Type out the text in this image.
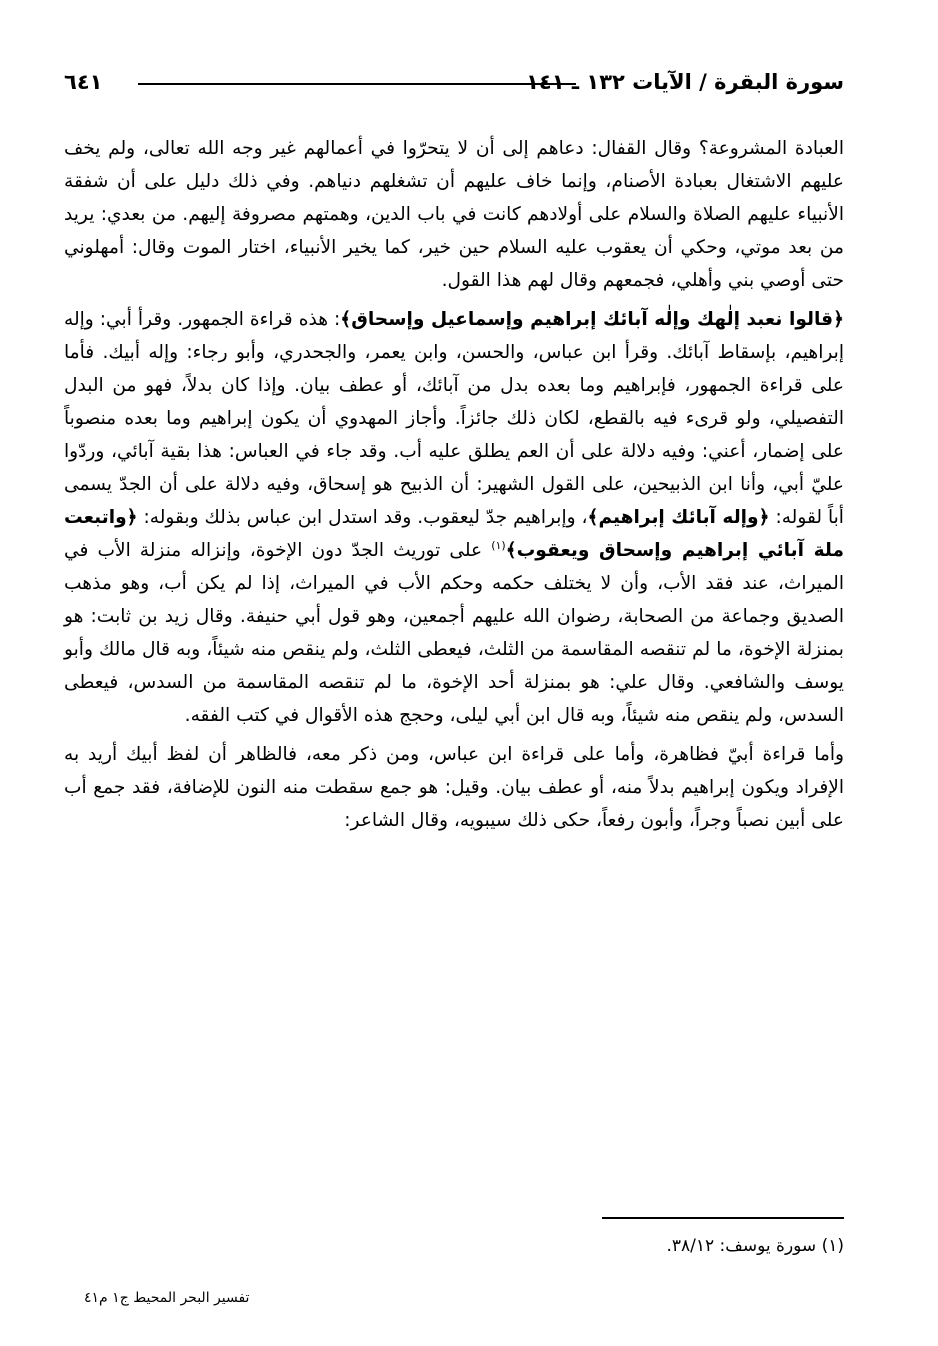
سورة البقرة / الآيات ١٣٢ ـ ١٤١
٦٤١

العبادة المشروعة؟ وقال القفال: دعاهم إلى أن لا يتحرّوا في أعمالهم غير وجه الله تعالى، ولم يخف عليهم الاشتغال بعبادة الأصنام، وإنما خاف عليهم أن تشغلهم دنياهم. وفي ذلك دليل على أن شفقة الأنبياء عليهم الصلاة والسلام على أولادهم كانت في باب الدين، وهمتهم مصروفة إليهم. من بعدي: يريد من بعد موتي، وحكي أن يعقوب عليه السلام حين خير، كما يخير الأنبياء، اختار الموت وقال: أمهلوني حتى أوصي بني وأهلي، فجمعهم وقال لهم هذا القول.

﴿قالوا نعبد إلٰهك وإلٰه آبائك إبراهيم وإسماعيل وإسحاق﴾: هذه قراءة الجمهور. وقرأ أبي: وإله إبراهيم، بإسقاط آبائك. وقرأ ابن عباس، والحسن، وابن يعمر، والجحدري، وأبو رجاء: وإله أبيك. فأما على قراءة الجمهور، فإبراهيم وما بعده بدل من آبائك، أو عطف بيان. وإذا كان بدلاً، فهو من البدل التفصيلي، ولو قرىء فيه بالقطع، لكان ذلك جائزاً. وأجاز المهدوي أن يكون إبراهيم وما بعده منصوباً على إضمار، أعني: وفيه دلالة على أن العم يطلق عليه أب. وقد جاء في العباس: هذا بقية آبائي، وردّوا عليّ أبي، وأنا ابن الذبيحين، على القول الشهير: أن الذبيح هو إسحاق، وفيه دلالة على أن الجدّ يسمى أباً لقوله: ﴿وإله آبائك إبراهيم﴾، وإبراهيم جدّ ليعقوب. وقد استدل ابن عباس بذلك وبقوله: ﴿واتبعت ملة آبائي إبراهيم وإسحاق ويعقوب﴾$^{(١)}$ على توريث الجدّ دون الإخوة، وإنزاله منزلة الأب في الميراث، عند فقد الأب، وأن لا يختلف حكمه وحكم الأب في الميراث، إذا لم يكن أب، وهو مذهب الصديق وجماعة من الصحابة، رضوان الله عليهم أجمعين، وهو قول أبي حنيفة. وقال زيد بن ثابت: هو بمنزلة الإخوة، ما لم تنقصه المقاسمة من الثلث، فيعطى الثلث، ولم ينقص منه شيئاً، وبه قال مالك وأبو يوسف والشافعي. وقال علي: هو بمنزلة أحد الإخوة، ما لم تنقصه المقاسمة من السدس، فيعطى السدس، ولم ينقص منه شيئاً، وبه قال ابن أبي ليلى، وحجج هذه الأقوال في كتب الفقه.

وأما قراءة أبيّ فظاهرة، وأما على قراءة ابن عباس، ومن ذكر معه، فالظاهر أن لفظ أبيك أريد به الإفراد ويكون إبراهيم بدلاً منه، أو عطف بيان. وقيل: هو جمع سقطت منه النون للإضافة، فقد جمع أب على أبين نصباً وجراً، وأبون رفعاً، حكى ذلك سيبويه، وقال الشاعر:

(١) سورة يوسف: ٣٨/١٢.
تفسير البحر المحيط ج١ م٤١
